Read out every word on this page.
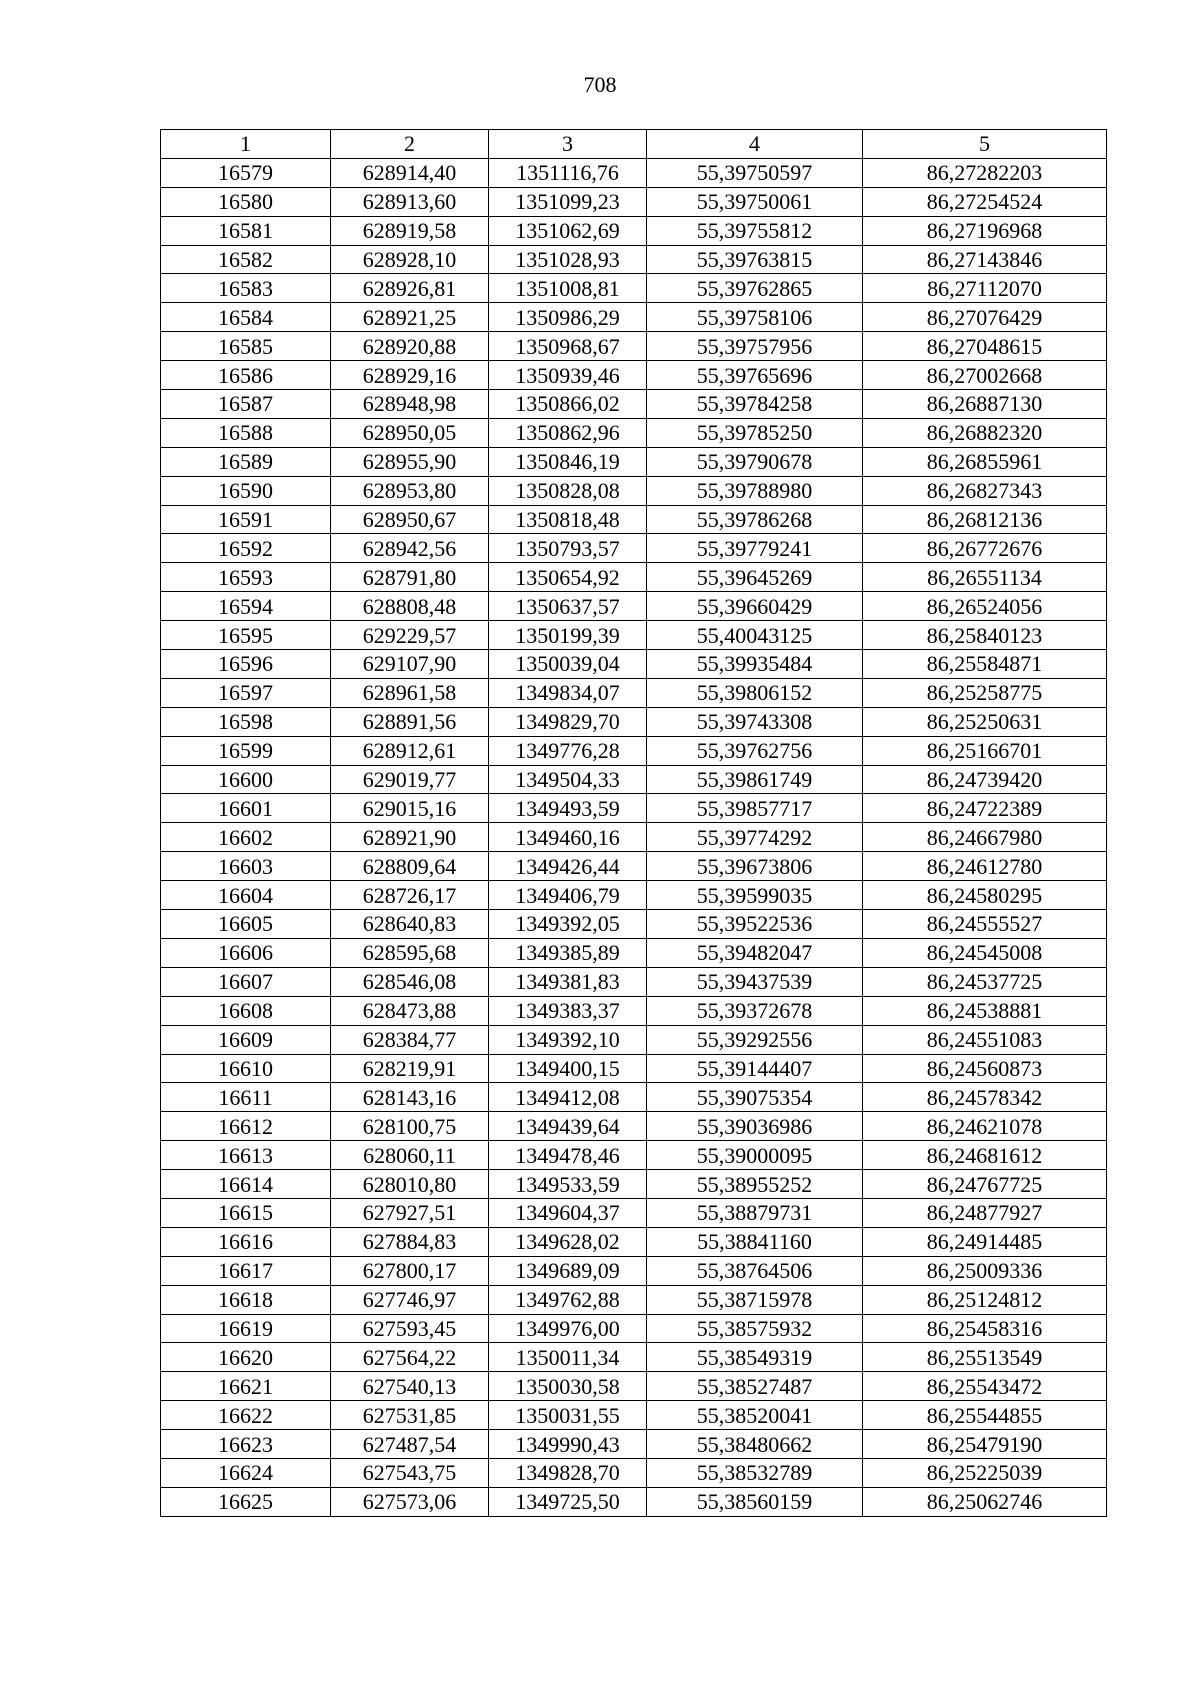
708
1	2	3	4	5
16579	628914,40	1351116,76	55,39750597	86,27282203
16580	628913,60	1351099,23	55,39750061	86,27254524
16581	628919,58	1351062,69	55,39755812	86,27196968
16582	628928,10	1351028,93	55,39763815	86,27143846
16583	628926,81	1351008,81	55,39762865	86,27112070
16584	628921,25	1350986,29	55,39758106	86,27076429
16585	628920,88	1350968,67	55,39757956	86,27048615
16586	628929,16	1350939,46	55,39765696	86,27002668
16587	628948,98	1350866,02	55,39784258	86,26887130
16588	628950,05	1350862,96	55,39785250	86,26882320
16589	628955,90	1350846,19	55,39790678	86,26855961
16590	628953,80	1350828,08	55,39788980	86,26827343
16591	628950,67	1350818,48	55,39786268	86,26812136
16592	628942,56	1350793,57	55,39779241	86,26772676
16593	628791,80	1350654,92	55,39645269	86,26551134
16594	628808,48	1350637,57	55,39660429	86,26524056
16595	629229,57	1350199,39	55,40043125	86,25840123
16596	629107,90	1350039,04	55,39935484	86,25584871
16597	628961,58	1349834,07	55,39806152	86,25258775
16598	628891,56	1349829,70	55,39743308	86,25250631
16599	628912,61	1349776,28	55,39762756	86,25166701
16600	629019,77	1349504,33	55,39861749	86,24739420
16601	629015,16	1349493,59	55,39857717	86,24722389
16602	628921,90	1349460,16	55,39774292	86,24667980
16603	628809,64	1349426,44	55,39673806	86,24612780
16604	628726,17	1349406,79	55,39599035	86,24580295
16605	628640,83	1349392,05	55,39522536	86,24555527
16606	628595,68	1349385,89	55,39482047	86,24545008
16607	628546,08	1349381,83	55,39437539	86,24537725
16608	628473,88	1349383,37	55,39372678	86,24538881
16609	628384,77	1349392,10	55,39292556	86,24551083
16610	628219,91	1349400,15	55,39144407	86,24560873
16611	628143,16	1349412,08	55,39075354	86,24578342
16612	628100,75	1349439,64	55,39036986	86,24621078
16613	628060,11	1349478,46	55,39000095	86,24681612
16614	628010,80	1349533,59	55,38955252	86,24767725
16615	627927,51	1349604,37	55,38879731	86,24877927
16616	627884,83	1349628,02	55,38841160	86,24914485
16617	627800,17	1349689,09	55,38764506	86,25009336
16618	627746,97	1349762,88	55,38715978	86,25124812
16619	627593,45	1349976,00	55,38575932	86,25458316
16620	627564,22	1350011,34	55,38549319	86,25513549
16621	627540,13	1350030,58	55,38527487	86,25543472
16622	627531,85	1350031,55	55,38520041	86,25544855
16623	627487,54	1349990,43	55,38480662	86,25479190
16624	627543,75	1349828,70	55,38532789	86,25225039
16625	627573,06	1349725,50	55,38560159	86,25062746
